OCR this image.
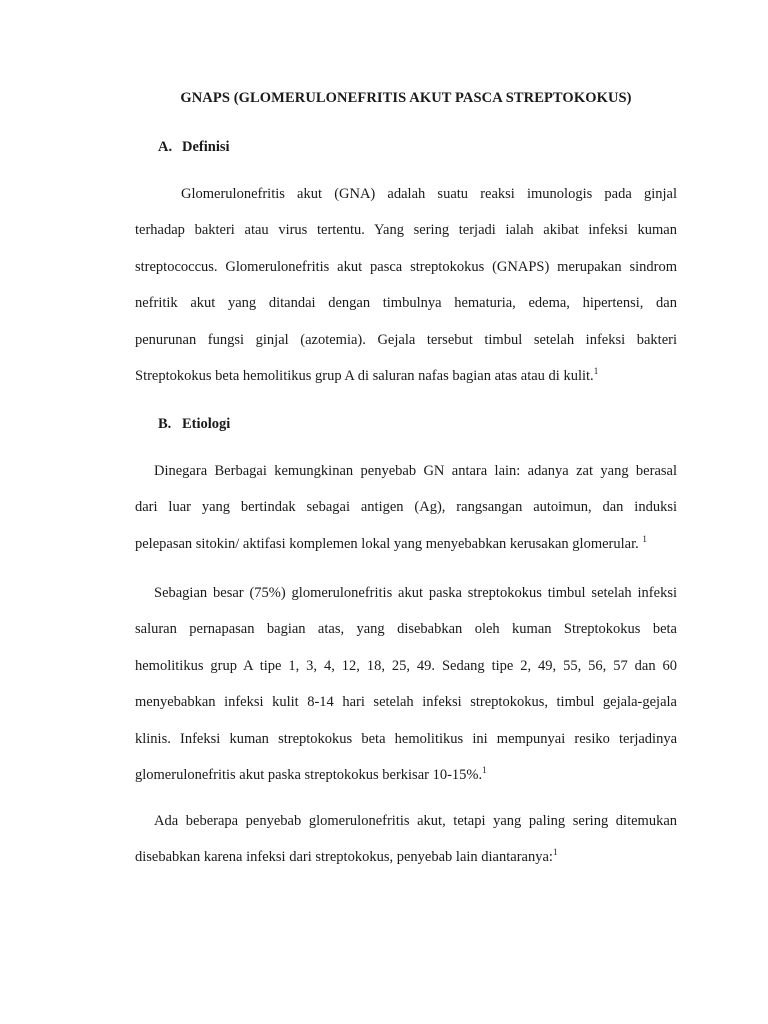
GNAPS (GLOMERULONEFRITIS AKUT PASCA STREPTOKOKUS)
A. Definisi
Glomerulonefritis akut (GNA) adalah suatu reaksi imunologis pada ginjal
terhadap bakteri atau virus tertentu. Yang sering terjadi ialah akibat infeksi kuman
streptococcus. Glomerulonefritis akut pasca streptokokus (GNAPS) merupakan sindrom
nefritik akut yang ditandai dengan timbulnya hematuria, edema, hipertensi, dan
penurunan fungsi ginjal (azotemia). Gejala tersebut timbul setelah infeksi bakteri
Streptokokus beta hemolitikus grup A di saluran nafas bagian atas atau di kulit.$^1$
B. Etiologi
Dinegara Berbagai kemungkinan penyebab GN antara lain: adanya zat yang berasal
dari luar yang bertindak sebagai antigen (Ag), rangsangan autoimun, dan induksi
pelepasan sitokin/ aktifasi komplemen lokal yang menyebabkan kerusakan glomerular. $^1$
Sebagian besar (75%) glomerulonefritis akut paska streptokokus timbul setelah infeksi
saluran pernapasan bagian atas, yang disebabkan oleh kuman Streptokokus beta
hemolitikus grup A tipe 1, 3, 4, 12, 18, 25, 49. Sedang tipe 2, 49, 55, 56, 57 dan 60
menyebabkan infeksi kulit 8-14 hari setelah infeksi streptokokus, timbul gejala-gejala
klinis. Infeksi kuman streptokokus beta hemolitikus ini mempunyai resiko terjadinya
glomerulonefritis akut paska streptokokus berkisar 10-15%.$^1$
Ada beberapa penyebab glomerulonefritis akut, tetapi yang paling sering ditemukan
disebabkan karena infeksi dari streptokokus, penyebab lain diantaranya:$^1$
